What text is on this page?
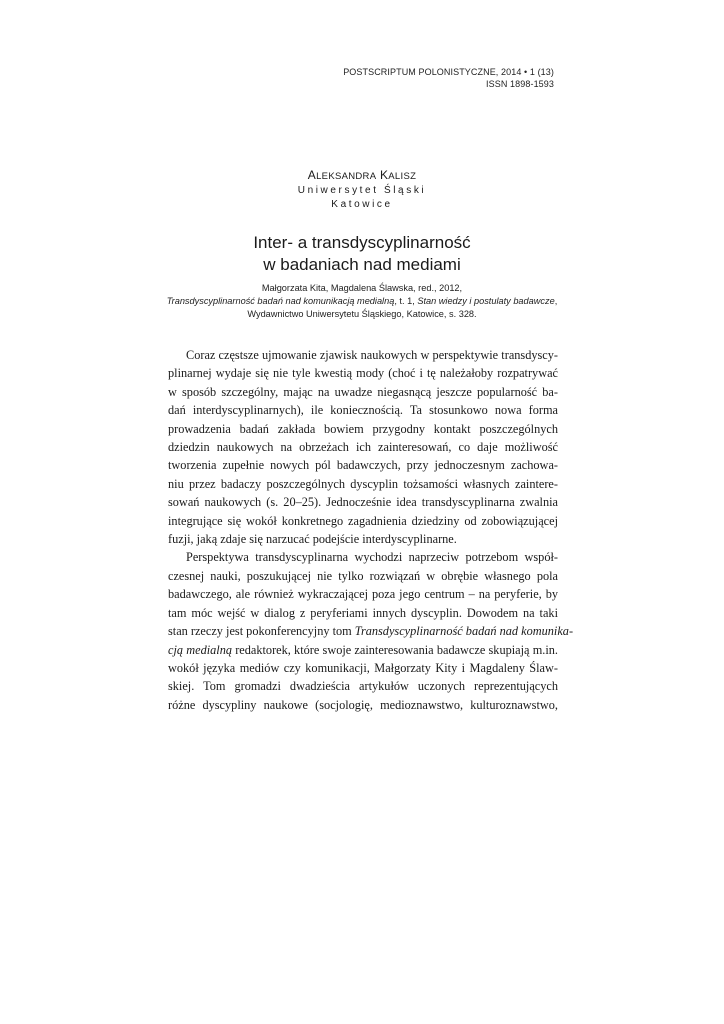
POSTSCRIPTUM POLONISTYCZNE, 2014 • 1 (13)
ISSN 1898-1593
ALEKSANDRA KALISZ
Uniwersytet Śląski
Katowice
Inter- a transdyscyplinarność
w badaniach nad mediami
Małgorzata Kita, Magdalena Ślawska, red., 2012,
Transdyscyplinarność badań nad komunikacją medialną, t. 1, Stan wiedzy i postulaty badawcze,
Wydawnictwo Uniwersytetu Śląskiego, Katowice, s. 328.
Coraz częstsze ujmowanie zjawisk naukowych w perspektywie transdyscy-
plinarnej wydaje się nie tyle kwestią mody (choć i tę należałoby rozpatrywać
w sposób szczególny, mając na uwadze niegasnącą jeszcze popularność ba-
dań interdyscyplinarnych), ile koniecznością. Ta stosunkowo nowa forma
prowadzenia badań zakłada bowiem przygodny kontakt poszczególnych
dziedzin naukowych na obrzeżach ich zainteresowań, co daje możliwość
tworzenia zupełnie nowych pól badawczych, przy jednoczesnym zachowa-
niu przez badaczy poszczególnych dyscyplin tożsamości własnych zaintere-
sowań naukowych (s. 20–25). Jednocześnie idea transdyscyplinarna zwalnia
integrujące się wokół konkretnego zagadnienia dziedziny od zobowiązującej
fuzji, jaką zdaje się narzucać podejście interdyscyplinarne.
Perspektywa transdyscyplinarna wychodzi naprzeciw potrzebom współ-
czesnej nauki, poszukującej nie tylko rozwiązań w obrębie własnego pola
badawczego, ale również wykraczającej poza jego centrum – na peryferie, by
tam móc wejść w dialog z peryferiami innych dyscyplin. Dowodem na taki
stan rzeczy jest pokonferencyjny tom Transdyscyplinarność badań nad komunika-
cją medialną redaktorek, które swoje zainteresowania badawcze skupiają m.in.
wokół języka mediów czy komunikacji, Małgorzaty Kity i Magdaleny Ślaw-
skiej. Tom gromadzi dwadzieścia artykułów uczonych reprezentujących
różne dyscypliny naukowe (socjologię, medioznawstwo, kulturoznawstwo,
